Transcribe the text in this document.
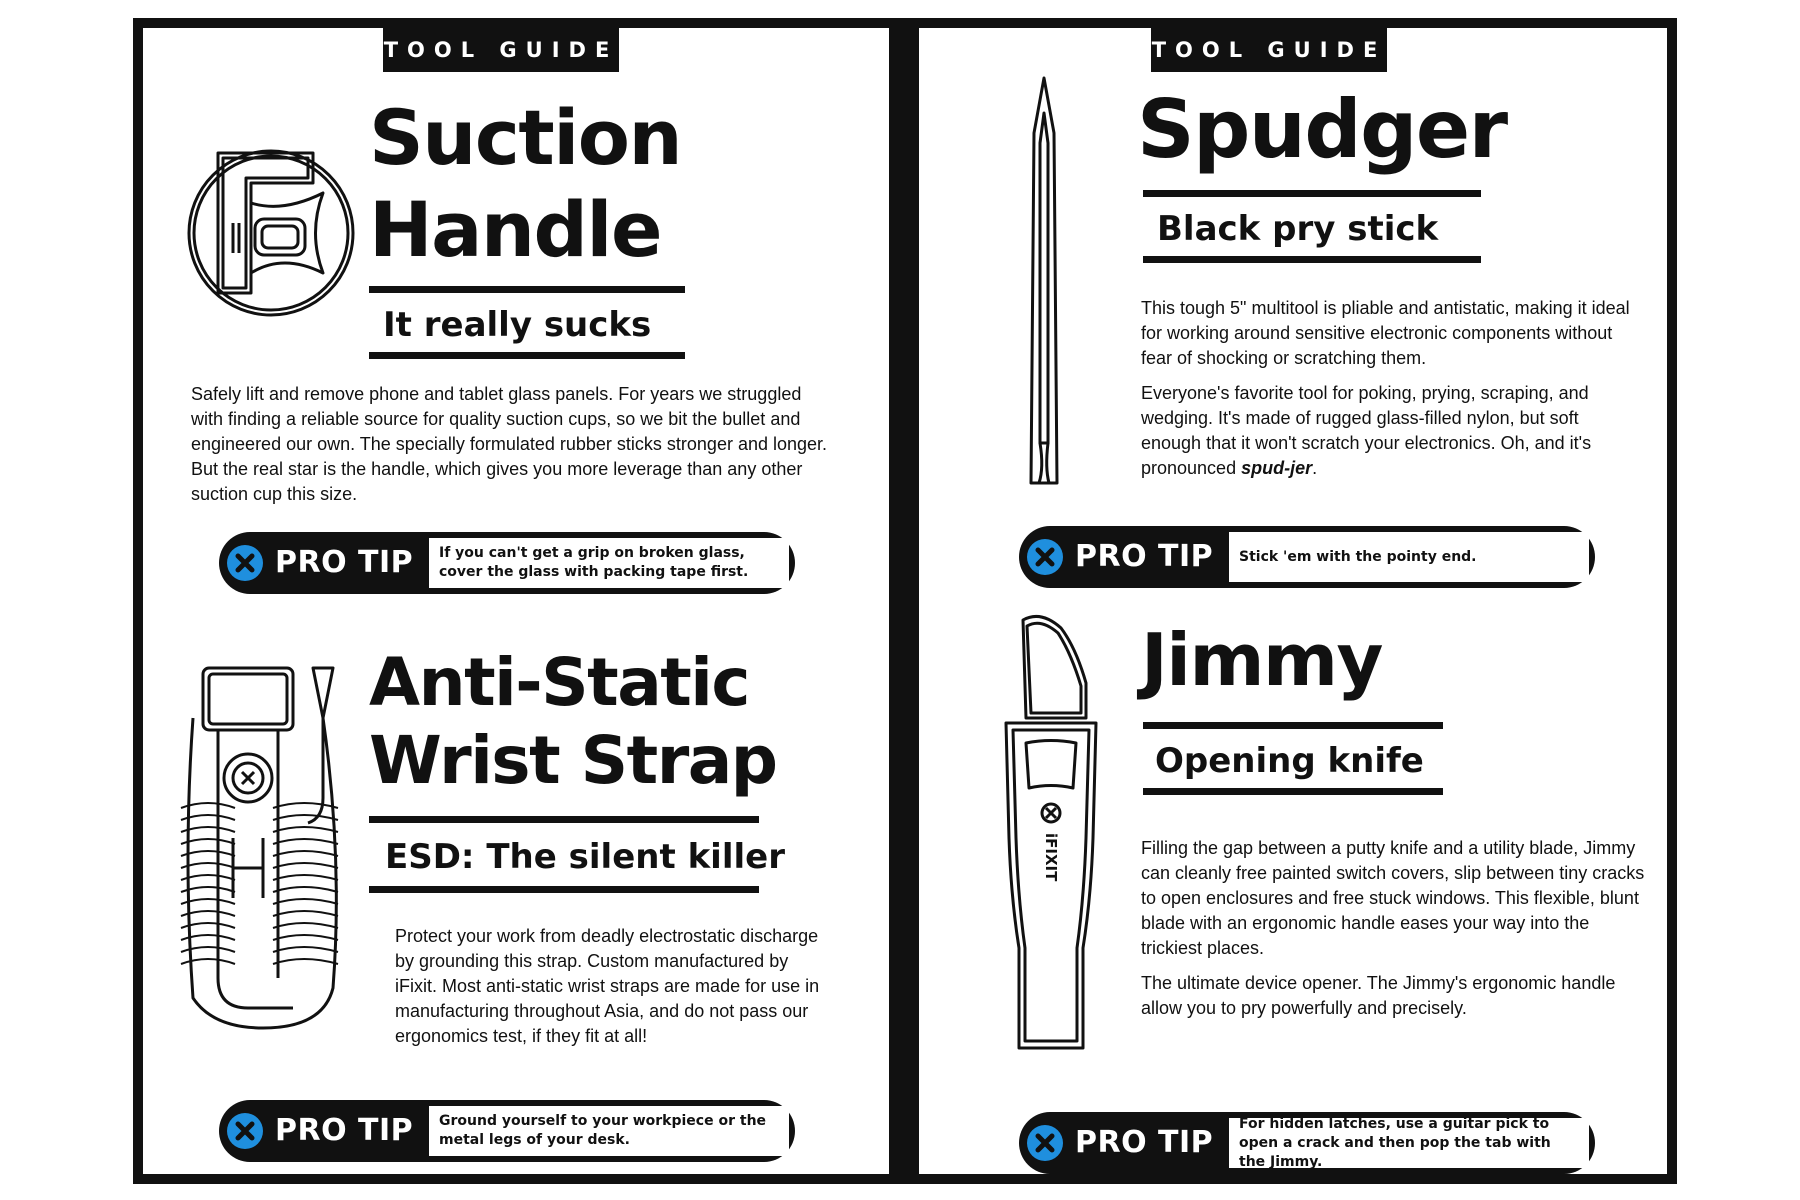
TOOL GUIDE
Suction
Handle
It really sucks
Safely lift and remove phone and tablet glass panels. For years we struggled with finding a reliable source for quality suction cups, so we bit the bullet and engineered our own. The specially formulated rubber sticks stronger and longer. But the real star is the handle, which gives you more leverage than any other suction cup this size.
PRO TIP	If you can't get a grip on broken glass, cover the glass with packing tape first.
Anti-Static
Wrist Strap
ESD: The silent killer
Protect your work from deadly electrostatic discharge by grounding this strap. Custom manufactured by iFixit. Most anti-static wrist straps are made for use in manufacturing throughout Asia, and do not pass our ergonomics test, if they fit at all!
PRO TIP	Ground yourself to your workpiece or the metal legs of your desk.
TOOL GUIDE
Spudger
Black pry stick

This tough 5" multitool is pliable and antistatic, making it ideal for working around sensitive electronic components without fear of shocking or scratching them.

Everyone's favorite tool for poking, prying, scraping, and wedging. It's made of rugged glass-filled nylon, but soft enough that it won't scratch your electronics. Oh, and it's pronounced spud-jer.

PRO TIP	Stick 'em with the pointy end.
iFIXIT
Jimmy
Opening knife

Filling the gap between a putty knife and a utility blade, Jimmy can cleanly free painted switch covers, slip between tiny cracks to open enclosures and free stuck windows. This flexible, blunt blade with an ergonomic handle eases your way into the trickiest places.

The ultimate device opener. The Jimmy's ergonomic handle allow you to pry powerfully and precisely.

PRO TIP
For hidden latches, use a guitar pick to open a crack and then pop the tab with the Jimmy.
